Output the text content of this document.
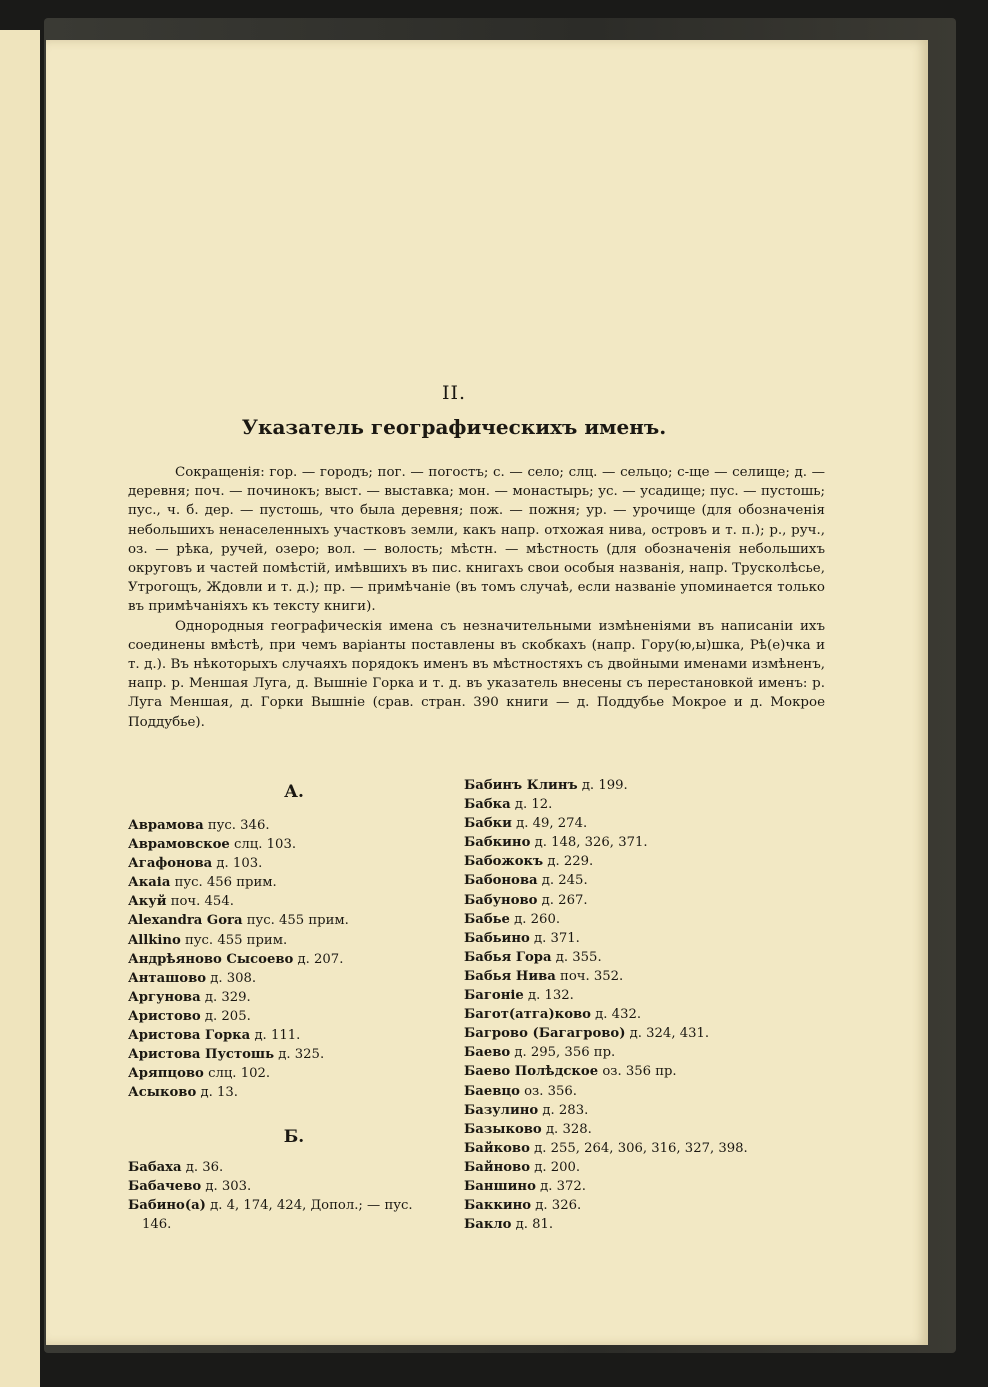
II.
Указатель географическихъ именъ.

Сокращенія: гор. — городъ; пог. — погостъ; с. — село; слц. — сельцо; с-ще — селище; д. — деревня; поч. — починокъ; выст. — выставка; мон. — монастырь; ус. — усадище; пус. — пустошь; пус., ч. б. дер. — пустошь, что была деревня; пож. — пожня; ур. — урочище (для обозначенія небольшихъ ненаселенныхъ участковъ земли, какъ напр. отхожая нива, островъ и т. п.); р., руч., оз. — рѣка, ручей, озеро; вол. — волость; мѣстн. — мѣстность (для обозначенія небольшихъ округовъ и частей помѣстій, имѣвшихъ въ пис. книгахъ свои особыя названія, напр. Трусколѣсье, Утрогощъ, Ждовли и т. д.); пр. — примѣчаніе (въ томъ случаѣ, если названіе упоминается только въ примѣчаніяхъ къ тексту книги).

Однородныя географическія имена съ незначительными измѣненіями въ написаніи ихъ соединены вмѣстѣ, при чемъ варіанты поставлены въ скобкахъ (напр. Гору(ю,ы)шка, Рѣ(е)чка и т. д.). Въ нѣкоторыхъ случаяхъ порядокъ именъ въ мѣстностяхъ съ двойными именами измѣненъ, напр. р. Меншая Луга, д. Вышніе Горка и т. д. въ указатель внесены съ перестановкой именъ: р. Луга Меншая, д. Горки Вышніе (срав. стран. 390 книги — д. Поддубье Мокрое и д. Мокрое Поддубье).

А.
Аврамова пус. 346.
Аврамовское слц. 103.
Агафонова д. 103.
Акаіа пус. 456 прим.
Акуй поч. 454.
Alexandra Gora пус. 455 прим.
Allkino пус. 455 прим.
Андрѣяново Сысоево д. 207.
Анташово д. 308.
Аргунова д. 329.
Аристово д. 205.
Аристова Горка д. 111.
Аристова Пустошь д. 325.
Аряпцово слц. 102.
Асыково д. 13.
Б.
Бабаха д. 36.
Бабачево д. 303.
Бабино(а) д. 4, 174, 424, Допол.; — пус. 146.
Бабинъ Клинъ д. 199.
Бабка д. 12.
Бабки д. 49, 274.
Бабкино д. 148, 326, 371.
Бабожокъ д. 229.
Бабонова д. 245.
Бабуново д. 267.
Бабье д. 260.
Бабьино д. 371.
Бабья Гора д. 355.
Бабья Нива поч. 352.
Багоніе д. 132.
Багот(атга)ково д. 432.
Багрово (Багагрово) д. 324, 431.
Баево д. 295, 356 пр.
Баево Полѣдское оз. 356 пр.
Баевцо оз. 356.
Базулино д. 283.
Базыково д. 328.
Байково д. 255, 264, 306, 316, 327, 398.
Байново д. 200.
Баншино д. 372.
Баккино д. 326.
Бакло д. 81.
